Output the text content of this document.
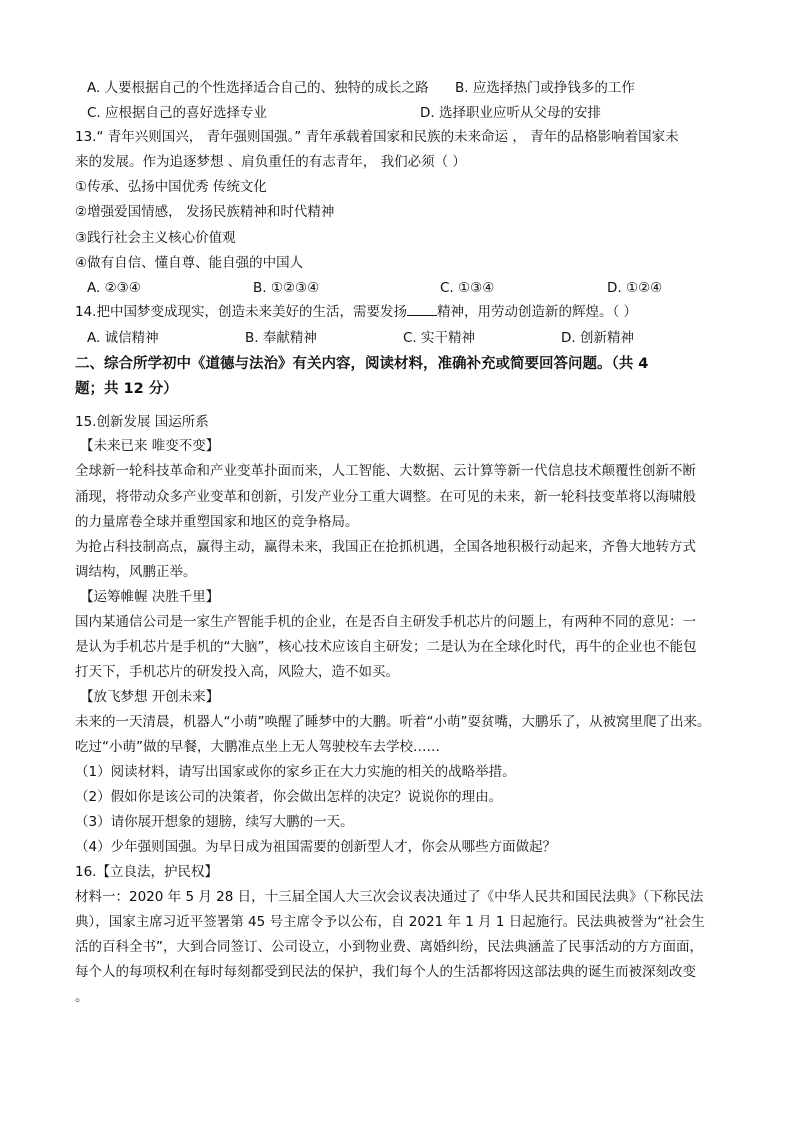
A. 人要根据自己的个性选择适合自己的、独特的成长之路 B. 应选择热门或挣钱多的工作
C. 应根据自己的喜好选择专业	D. 选择职业应听从父母的安排
13.“ 青年兴则国兴， 青年强则国强。” 青年承载着国家和民族的未来命运 ， 青年的品格影响着国家未
来的发展。作为追逐梦想 、肩负重任的有志青年， 我们必须（ ）
①传承、弘扬中国优秀 传统文化
②增强爱国情感， 发扬民族精神和时代精神
③践行社会主义核心价值观
④做有自信、懂自尊、能自强的中国人
A. ②③④	B. ①②③④	C. ①③④	D. ①②④
14.把中国梦变成现实，创造未来美好的生活，需要发扬 精神，用劳动创造新的辉煌。（ ）
A. 诚信精神	B. 奉献精神	C. 实干精神	D. 创新精神
二、综合所学初中《道德与法治》有关内容，阅读材料，准确补充或简要回答问题。（共 4
题；共 12 分）
15.创新发展 国运所系
【未来已来 唯变不变】
全球新一轮科技革命和产业变革扑面而来，人工智能、大数据、云计算等新一代信息技术颠覆性创新不断
涌现，将带动众多产业变革和创新，引发产业分工重大调整。在可见的未来，新一轮科技变革将以海啸般
的力量席卷全球并重塑国家和地区的竞争格局。
为抢占科技制高点，赢得主动，赢得未来，我国正在抢抓机遇，全国各地积极行动起来，齐鲁大地转方式
调结构，风鹏正举。
【运筹帷幄 决胜千里】
国内某通信公司是一家生产智能手机的企业，在是否自主研发手机芯片的问题上，有两种不同的意见：一
是认为手机芯片是手机的“大脑”，核心技术应该自主研发；二是认为在全球化时代，再牛的企业也不能包
打天下，手机芯片的研发投入高，风险大，造不如买。
【放飞梦想 开创未来】
未来的一天清晨，机器人“小萌”唤醒了睡梦中的大鹏。听着“小萌”耍贫嘴，大鹏乐了，从被窝里爬了出来。
吃过“小萌”做的早餐，大鹏准点坐上无人驾驶校车去学校……
（1）阅读材料，请写出国家或你的家乡正在大力实施的相关的战略举措。
（2）假如你是该公司的决策者，你会做出怎样的决定？说说你的理由。
（3）请你展开想象的翅膀，续写大鹏的一天。
（4）少年强则国强。为早日成为祖国需要的创新型人才，你会从哪些方面做起？
16.【立良法，护民权】
材料一：2020 年 5 月 28 日，十三届全国人大三次会议表决通过了《中华人民共和国民法典》（下称民法
典），国家主席习近平签署第 45 号主席令予以公布，自 2021 年 1 月 1 日起施行。民法典被誉为“社会生
活的百科全书”，大到合同签订、公司设立，小到物业费、离婚纠纷，民法典涵盖了民事活动的方方面面，
每个人的每项权利在每时每刻都受到民法的保护，我们每个人的生活都将因这部法典的诞生而被深刻改变
。
